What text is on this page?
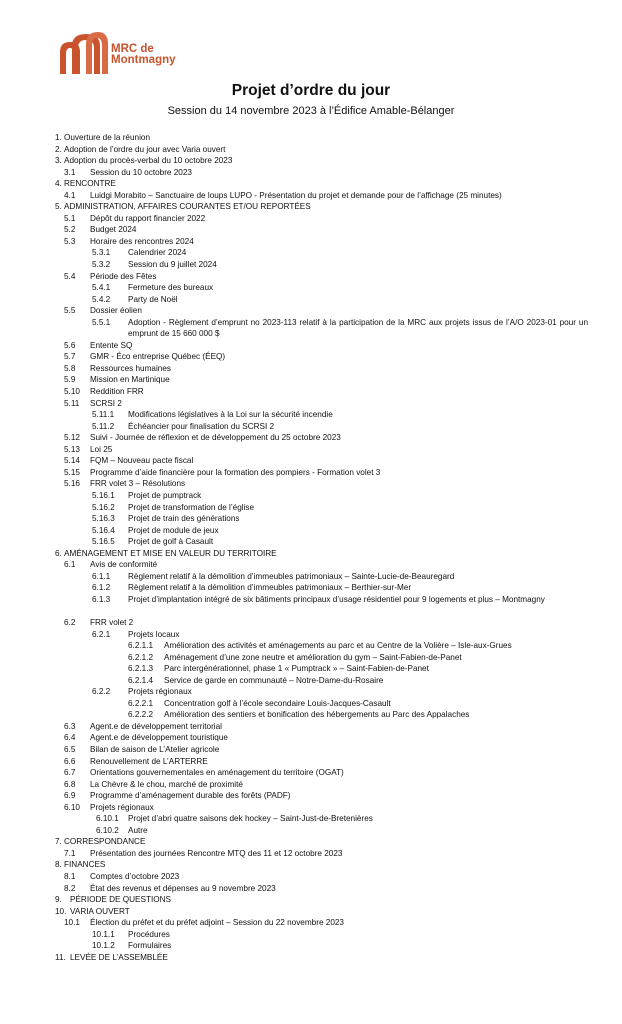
MRC de
Montmagny
Projet d’ordre du jour
Session du 14 novembre 2023 à l’Édifice Amable-Bélanger
1. Ouverture de la réunion
2. Adoption de l’ordre du jour avec Varia ouvert
3. Adoption du procès-verbal du 10 octobre 2023
3.1 Session du 10 octobre 2023
4. RENCONTRE
4.1 Luidgi Morabito – Sanctuaire de loups LUPO - Présentation du projet et demande pour de l’affichage (25 minutes)
5. ADMINISTRATION, AFFAIRES COURANTES ET/OU REPORTÉES
5.1 Dépôt du rapport financier 2022
5.2 Budget 2024
5.3 Horaire des rencontres 2024
5.3.1 Calendrier 2024
5.3.2 Session du 9 juillet 2024
5.4 Période des Fêtes
5.4.1 Fermeture des bureaux
5.4.2 Party de Noël
5.5 Dossier éolien
5.5.1 Adoption - Règlement d’emprunt no 2023-113 relatif à la participation de la MRC aux projets issus de l’A/O 2023-01 pour un emprunt de 15 660 000 $
5.6 Entente SQ
5.7 GMR - Éco entreprise Québec (ÉEQ)
5.8 Ressources humaines
5.9 Mission en Martinique
5.10 Reddition FRR
5.11 SCRSI 2
5.11.1 Modifications législatives à la Loi sur la sécurité incendie
5.11.2 Échéancier pour finalisation du SCRSI 2
5.12 Suivi - Journée de réflexion et de développement du 25 octobre 2023
5.13 Loi 25
5.14 FQM – Nouveau pacte fiscal
5.15 Programme d’aide financière pour la formation des pompiers - Formation volet 3
5.16 FRR volet 3 – Résolutions
5.16.1 Projet de pumptrack
5.16.2 Projet de transformation de l’église
5.16.3 Projet de train des générations
5.16.4 Projet de module de jeux
5.16.5 Projet de golf à Casault
6. AMÉNAGEMENT ET MISE EN VALEUR DU TERRITOIRE
6.1 Avis de conformité
6.1.1 Règlement relatif à la démolition d’immeubles patrimoniaux – Sainte-Lucie-de-Beauregard
6.1.2 Règlement relatif à la démolition d’immeubles patrimoniaux – Berthier-sur-Mer
6.1.3 Projet d’implantation intégré de six bâtiments principaux d’usage résidentiel pour 9 logements et plus – Montmagny
6.2 FRR volet 2
6.2.1 Projets locaux
6.2.1.1 Amélioration des activités et aménagements au parc et au Centre de la Volière – Isle-aux-Grues
6.2.1.2 Aménagement d’une zone neutre et amélioration du gym – Saint-Fabien-de-Panet
6.2.1.3 Parc intergénérationnel, phase 1 « Pumptrack » – Saint-Fabien-de-Panet
6.2.1.4 Service de garde en communauté – Notre-Dame-du-Rosaire
6.2.2 Projets régionaux
6.2.2.1 Concentration golf à l’école secondaire Louis-Jacques-Casault
6.2.2.2 Amélioration des sentiers et bonification des hébergements au Parc des Appalaches
6.3 Agent.e de développement territorial
6.4 Agent.e de développement touristique
6.5 Bilan de saison de L’Atelier agricole
6.6 Renouvellement de L’ARTERRE
6.7 Orientations gouvernementales en aménagement du territoire (OGAT)
6.8 La Chèvre & le chou, marché de proximité
6.9 Programme d’aménagement durable des forêts (PADF)
6.10 Projets régionaux
6.10.1 Projet d’abri quatre saisons dek hockey – Saint-Just-de-Bretenières
6.10.2 Autre
7. CORRESPONDANCE
7.1 Présentation des journées Rencontre MTQ des 11 et 12 octobre 2023
8. FINANCES
8.1 Comptes d’octobre 2023
8.2 État des revenus et dépenses au 9 novembre 2023
9. PÉRIODE DE QUESTIONS
10. VARIA OUVERT
10.1 Élection du préfet et du préfet adjoint – Session du 22 novembre 2023
10.1.1 Procédures
10.1.2 Formulaires
11. LEVÉE DE L’ASSEMBLÉE
